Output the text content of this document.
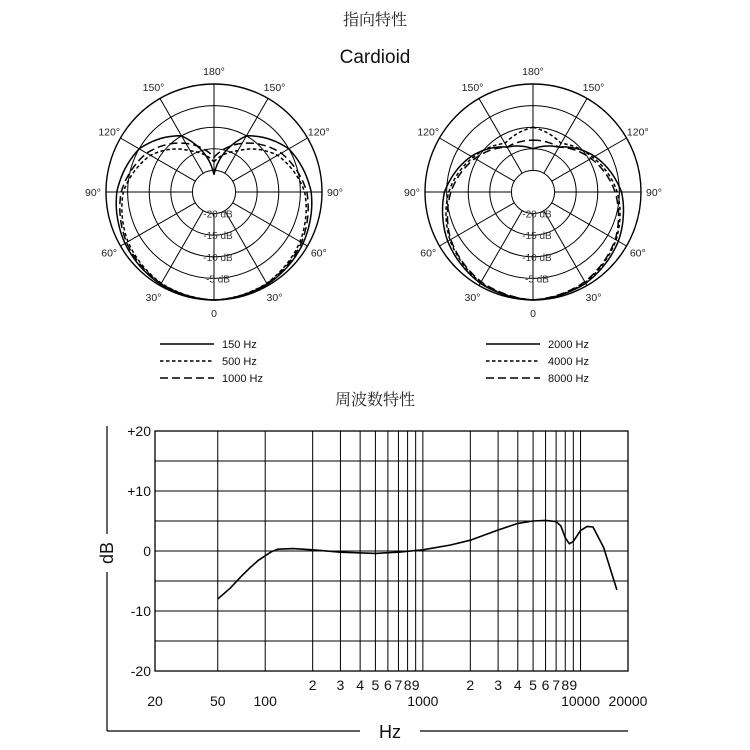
指向特性
Cardioid
-20 dB
-15 dB
-10 dB
-5 dB
180°
150°	150°
120°	120°
90°	90°
60°	60°
30°	30°
0
-20 dB
-15 dB
-10 dB
-5 dB
180°
150°	150°
120°	120°
90°	90°
60°	60°
30°	30°
0
150 Hz
500 Hz
1000 Hz
2000 Hz
4000 Hz
8000 Hz
周波数特性
+20
+10
0
-10
-20
20	50 100
2 3 4 5 6 7 8 9
1000
2 3 4 5 6 7 8 9
10000 20000
dB
Hz
